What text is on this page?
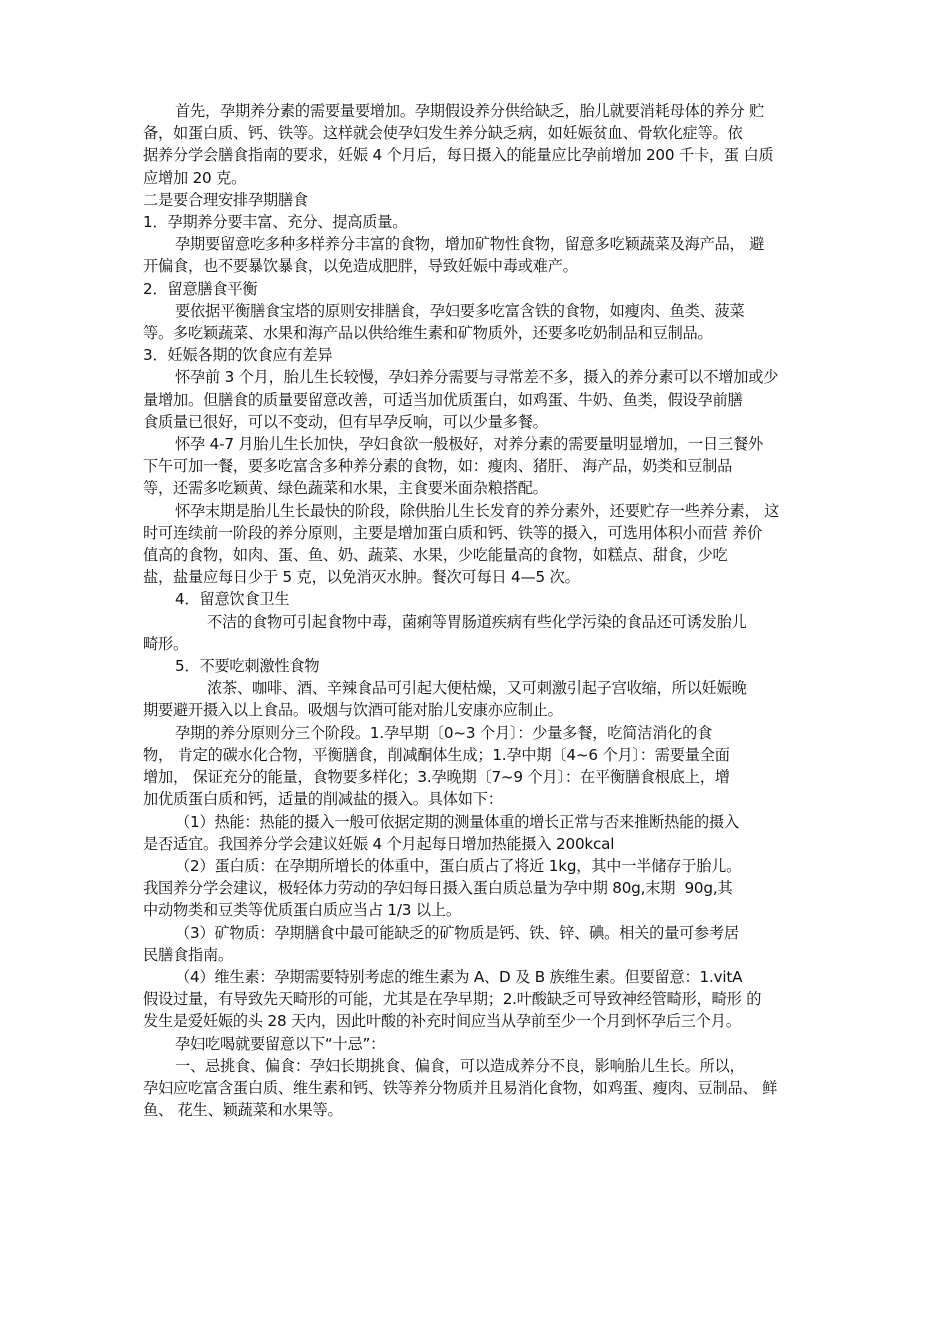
首先，孕期养分素的需要量要增加。孕期假设养分供给缺乏，胎儿就要消耗母体的养分 贮
备，如蛋白质、钙、铁等。这样就会使孕妇发生养分缺乏病，如妊娠贫血、骨软化症等。依
据养分学会膳食指南的要求，妊娠 4 个月后，每日摄入的能量应比孕前增加 200 千卡，蛋 白质
应增加 20 克。
二是要合理安排孕期膳食
1．孕期养分要丰富、充分、提高质量。
孕期要留意吃多种多样养分丰富的食物，增加矿物性食物，留意多吃颖蔬菜及海产品， 避
开偏食，也不要暴饮暴食，以免造成肥胖，导致妊娠中毒或难产。
2．留意膳食平衡
要依据平衡膳食宝塔的原则安排膳食，孕妇要多吃富含铁的食物，如瘦肉、鱼类、菠菜
等。多吃颖蔬菜、水果和海产品以供给维生素和矿物质外，还要多吃奶制品和豆制品。
3．妊娠各期的饮食应有差异
怀孕前 3 个月，胎儿生长较慢，孕妇养分需要与寻常差不多，摄入的养分素可以不增加或少
量增加。但膳食的质量要留意改善，可适当加优质蛋白，如鸡蛋、牛奶、鱼类，假设孕前膳
食质量已很好，可以不变动，但有早孕反响，可以少量多餐。
怀孕 4-7 月胎儿生长加快，孕妇食欲一般极好，对养分素的需要量明显增加，一日三餐外
下午可加一餐，要多吃富含多种养分素的食物，如：瘦肉、猪肝、 海产品，奶类和豆制品
等，还需多吃颖黄、绿色蔬菜和水果，主食要米面杂粮搭配。
怀孕末期是胎儿生长最快的阶段，除供胎儿生长发育的养分素外，还要贮存一些养分素， 这
时可连续前一阶段的养分原则，主要是增加蛋白质和钙、铁等的摄入，可选用体积小而营 养价
值高的食物，如肉、蛋、鱼、奶、蔬菜、水果，少吃能量高的食物，如糕点、甜食，少吃
盐，盐量应每日少于 5 克，以免消灭水肿。餐次可每日 4—5 次。
4．留意饮食卫生
不洁的食物可引起食物中毒，菌痢等胃肠道疾病有些化学污染的食品还可诱发胎儿
畸形。
5．不要吃刺激性食物
浓茶、咖啡、酒、辛辣食品可引起大便枯燥，又可刺激引起子宫收缩，所以妊娠晚
期要避开摄入以上食品。吸烟与饮酒可能对胎儿安康亦应制止。
孕期的养分原则分三个阶段。1.孕早期〔0~3 个月〕：少量多餐，吃简洁消化的食
物， 肯定的碳水化合物，平衡膳食，削减酮体生成；1.孕中期〔4~6 个月〕：需要量全面
增加， 保证充分的能量，食物要多样化；3.孕晚期〔7~9 个月〕：在平衡膳食根底上，增
加优质蛋白质和钙，适量的削减盐的摄入。具体如下：
（1）热能：热能的摄入一般可依据定期的测量体重的增长正常与否来推断热能的摄入
是否适宜。我国养分学会建议妊娠 4 个月起每日增加热能摄入 200kcal
（2）蛋白质：在孕期所增长的体重中，蛋白质占了将近 1kg，其中一半储存于胎儿。
我国养分学会建议，极轻体力劳动的孕妇每日摄入蛋白质总量为孕中期 80g,末期  90g,其
中动物类和豆类等优质蛋白质应当占 1/3 以上。
（3）矿物质：孕期膳食中最可能缺乏的矿物质是钙、铁、锌、碘。相关的量可参考居
民膳食指南。
（4）维生素：孕期需要特别考虑的维生素为 A、D 及 B 族维生素。但要留意：1.vitA
假设过量，有导致先天畸形的可能，尤其是在孕早期；2.叶酸缺乏可导致神经管畸形，畸形 的
发生是爱妊娠的头 28 天内，因此叶酸的补充时间应当从孕前至少一个月到怀孕后三个月。
孕妇吃喝就要留意以下“十忌”：
一、忌挑食、偏食：孕妇长期挑食、偏食，可以造成养分不良，影响胎儿生长。所以，
孕妇应吃富含蛋白质、维生素和钙、铁等养分物质并且易消化食物，如鸡蛋、瘦肉、豆制品、 鲜
鱼、 花生、颖蔬菜和水果等。
